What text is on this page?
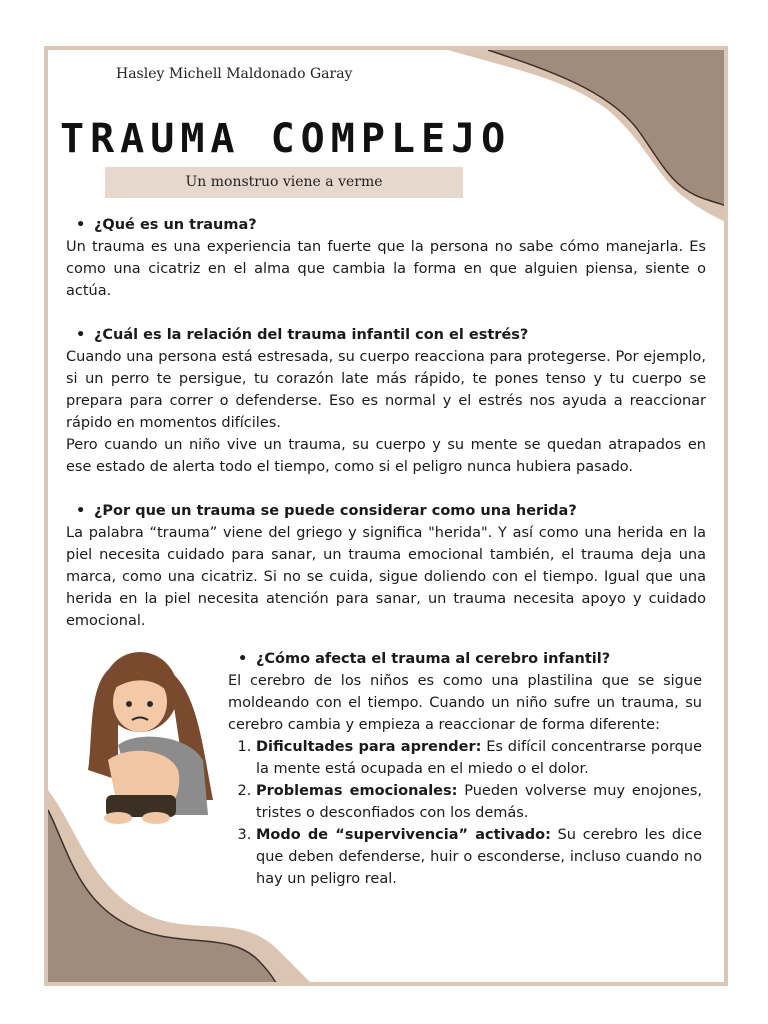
Hasley Michell Maldonado Garay
TRAUMA COMPLEJO
Un monstruo viene a verme
• ¿Qué es un trauma?

Un trauma es una experiencia tan fuerte que la persona no sabe cómo manejarla. Es como una cicatriz en el alma que cambia la forma en que alguien piensa, siente o actúa.

• ¿Cuál es la relación del trauma infantil con el estrés?

Cuando una persona está estresada, su cuerpo reacciona para protegerse. Por ejemplo, si un perro te persigue, tu corazón late más rápido, te pones tenso y tu cuerpo se prepara para correr o defenderse. Eso es normal y el estrés nos ayuda a reaccionar rápido en momentos difíciles.

Pero cuando un niño vive un trauma, su cuerpo y su mente se quedan atrapados en ese estado de alerta todo el tiempo, como si el peligro nunca hubiera pasado.

• ¿Por que un trauma se puede considerar como una herida?

La palabra “trauma” viene del griego y significa "herida". Y así como una herida en la piel necesita cuidado para sanar, un trauma emocional también, el trauma deja una marca, como una cicatriz. Si no se cuida, sigue doliendo con el tiempo. Igual que una herida en la piel necesita atención para sanar, un trauma necesita apoyo y cuidado emocional.

• ¿Cómo afecta el trauma al cerebro infantil?

El cerebro de los niños es como una plastilina que se sigue moldeando con el tiempo. Cuando un niño sufre un trauma, su cerebro cambia y empieza a reaccionar de forma diferente:

1. Dificultades para aprender: Es difícil concentrarse porque la mente está ocupada en el miedo o el dolor.
2. Problemas emocionales: Pueden volverse muy enojones, tristes o desconfiados con los demás.
3. Modo de “supervivencia” activado: Su cerebro les dice que deben defenderse, huir o esconderse, incluso cuando no hay un peligro real.
